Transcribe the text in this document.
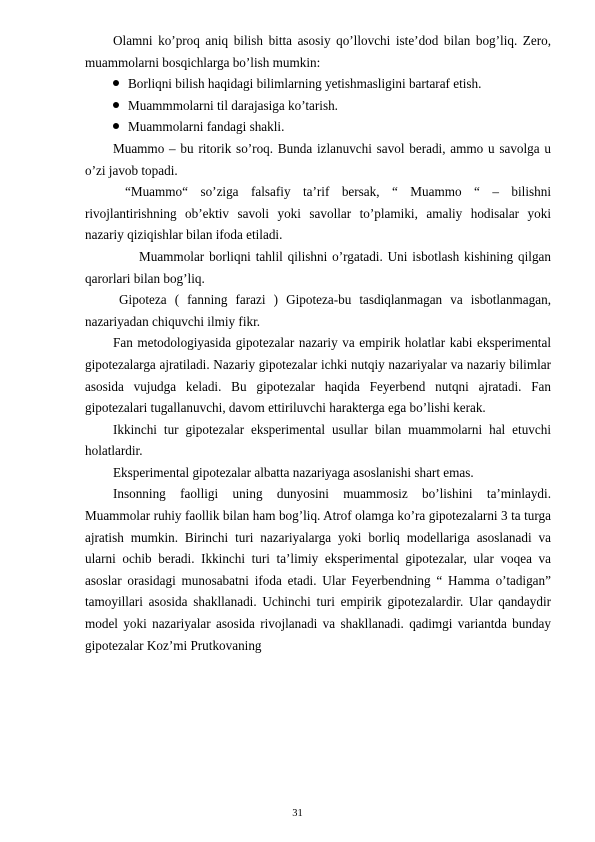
Olamni ko’proq aniq bilish bitta asosiy qo’llovchi iste’dod bilan bog’liq. Zero, muammolarni bosqichlarga bo’lish mumkin:

Borliqni bilish haqidagi bilimlarning yetishmasligini bartaraf etish.
Muammmolarni til darajasiga ko’tarish.
Muammolarni fandagi shakli.

Muammo – bu ritorik so’roq. Bunda izlanuvchi savol beradi, ammo u savolga u o’zi javob topadi.

“Muammo“ so’ziga falsafiy ta’rif bersak, “ Muammo “ – bilishni rivojlantirishning ob’ektiv savoli yoki savollar to’plamiki, amaliy hodisalar yoki nazariy qiziqishlar bilan ifoda etiladi.

Muammolar borliqni tahlil qilishni o’rgatadi. Uni isbotlash kishining qilgan qarorlari bilan bog’liq.

Gipoteza ( fanning farazi ) Gipoteza-bu tasdiqlanmagan va isbotlanmagan, nazariyadan chiquvchi ilmiy fikr.

Fan metodologiyasida gipotezalar nazariy va empirik holatlar kabi eksperimental gipotezalarga ajratiladi. Nazariy gipotezalar ichki nutqiy nazariyalar va nazariy bilimlar asosida vujudga keladi. Bu gipotezalar haqida Feyerbend nutqni ajratadi. Fan gipotezalari tugallanuvchi, davom ettiriluvchi harakterga ega bo’lishi kerak.

Ikkinchi tur gipotezalar eksperimental usullar bilan muammolarni hal etuvchi holatlardir.

Eksperimental gipotezalar albatta nazariyaga asoslanishi shart emas.

Insonning faolligi uning dunyosini muammosiz bo’lishini ta’minlaydi. Muammolar ruhiy faollik bilan ham bog’liq. Atrof olamga ko’ra gipotezalarni 3 ta turga ajratish mumkin. Birinchi turi nazariyalarga yoki borliq modellariga asoslanadi va ularni ochib beradi. Ikkinchi turi ta’limiy eksperimental gipotezalar, ular voqea va asoslar orasidagi munosabatni ifoda etadi. Ular Feyerbendning “ Hamma o’tadigan” tamoyillari asosida shakllanadi. Uchinchi turi empirik gipotezalardir. Ular qandaydir model yoki nazariyalar asosida rivojlanadi va shakllanadi. qadimgi variantda bunday gipotezalar Koz’mi Prutkovaning

31
